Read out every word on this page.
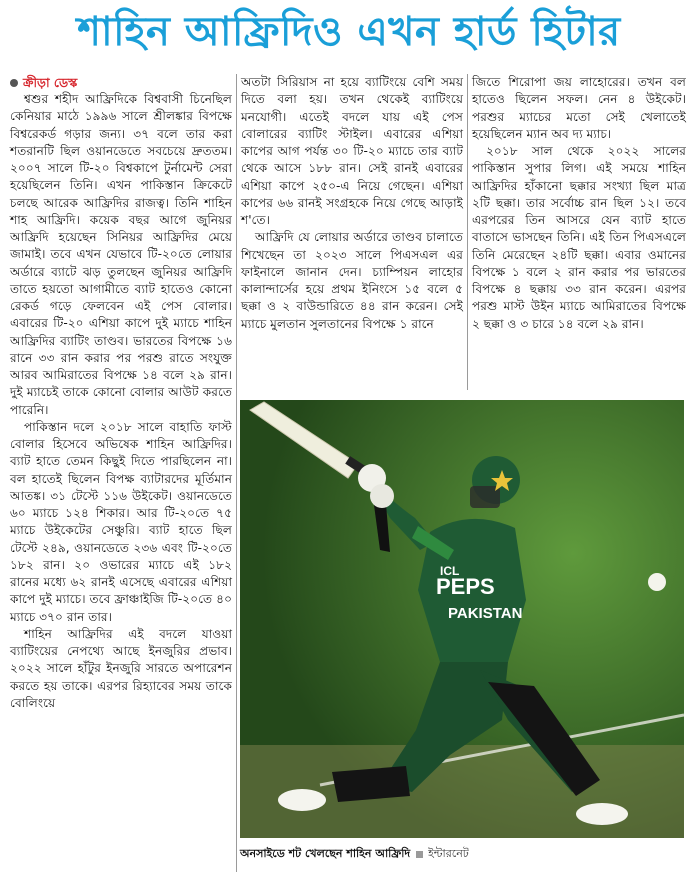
শাহিন আফ্রিদিও এখন হার্ড হিটার
ক্রীড়া ডেস্ক

শ্বশুর শহীদ আফ্রিদিকে বিশ্ববাসী চিনেছিল কেনিয়ার মাঠে ১৯৯৬ সালে শ্রীলঙ্কার বিপক্ষে বিশ্বরেকর্ড গড়ার জন্য। ৩৭ বলে তার করা শতরানটি ছিল ওয়ানডেতে সবচেয়ে দ্রুততম। ২০০৭ সালে টি-২০ বিশ্বকাপে টুর্নামেন্ট সেরা হয়েছিলেন তিনি। এখন পাকিস্তান ক্রিকেটে চলছে আরেক আফ্রিদির রাজত্ব। তিনি শাহিন শাহ আফ্রিদি। কয়েক বছর আগে জুনিয়র আফ্রিদি হয়েছেন সিনিয়র আফ্রিদির মেয়ে জামাই। তবে এখন যেভাবে টি-২০তে লোয়ার অর্ডারে ব্যাটে ঝড় তুলছেন জুনিয়র আফ্রিদি তাতে হয়তো আগামীতে ব্যাট হাতেও কোনো রেকর্ড গড়ে ফেলবেন এই পেস বোলার। এবারের টি-২০ এশিয়া কাপে দুই ম্যাচে শাহিন আফ্রিদির ব্যাটিং তাণ্ডব। ভারতের বিপক্ষে ১৬ রানে ৩৩ রান করার পর পরশু রাতে সংযুক্ত আরব আমিরাতের বিপক্ষে ১৪ বলে ২৯ রান। দুই ম্যাচেই তাকে কোনো বোলার আউট করতে পারেনি।

পাকিস্তান দলে ২০১৮ সালে বাহাতি ফাস্ট বোলার হিসেবে অভিষেক শাহিন আফ্রিদির। ব্যাট হাতে তেমন কিছুই দিতে পারছিলেন না। বল হাতেই ছিলেন বিপক্ষ ব্যাটারদের মূর্তিমান আতঙ্ক। ৩১ টেস্টে ১১৬ উইকেট। ওয়ানডেতে ৬০ ম্যাচে ১২৪ শিকার। আর টি-২০তে ৭৫ ম্যাচে উইকেটের সেঞ্চুরি। ব্যাট হাতে ছিল টেস্টে ২৪৯, ওয়ানডেতে ২৩৬ এবং টি-২০তে ১৮২ রান। ২০ ওভারের ম্যাচে এই ১৮২ রানের মধ্যে ৬২ রানই এসেছে এবারের এশিয়া কাপে দুই ম্যাচে। তবে ফ্রাঞ্চাইজি টি-২০তে ৪০ ম্যাচে ৩৭০ রান তার।

শাহিন আফ্রিদির এই বদলে যাওয়া ব্যাটিংয়ের নেপথ্যে আছে ইনজুরির প্রভাব। ২০২২ সালে হাঁটুর ইনজুরি সারতে অপারেশন করতে হয় তাকে। এরপর রিহ্যাবের সময় তাকে বোলিংয়ে

অতটা সিরিয়াস না হয়ে ব্যাটিংয়ে বেশি সময় দিতে বলা হয়। তখন থেকেই ব্যাটিংয়ে মনযোগী। এতেই বদলে যায় এই পেস বোলারের ব্যাটিং স্টাইল। এবারের এশিয়া কাপের আগ পর্যন্ত ৩০ টি-২০ ম্যাচে তার ব্যাট থেকে আসে ১৮৮ রান। সেই রানই এবারের এশিয়া কাপে ২৫০-এ নিয়ে গেছেন। এশিয়া কাপের ৬৬ রানই সংগ্রহকে নিয়ে গেছে আড়াই শ'তে।

আফ্রিদি যে লোয়ার অর্ডারে তাণ্ডব চালাতে শিখেছেন তা ২০২৩ সালে পিএসএল এর ফাইনালে জানান দেন। চ্যাম্পিয়ন লাহোর কালান্দার্সের হয়ে প্রথম ইনিংসে ১৫ বলে ৫ ছক্কা ও ২ বাউন্ডারিতে ৪৪ রান করেন। সেই ম্যাচে মুলতান সুলতানের বিপক্ষে ১ রানে

জিতে শিরোপা জয় লাহোরের। তখন বল হাতেও ছিলেন সফল। নেন ৪ উইকেট। পরশুর ম্যাচের মতো সেই খেলাতেই হয়েছিলেন ম্যান অব দ্য ম্যাচ।

২০১৮ সাল থেকে ২০২২ সালের পাকিস্তান সুপার লিগ। এই সময়ে শাহিন আফ্রিদির হাঁকানো ছক্কার সংখ্যা ছিল মাত্র ২টি ছক্কা। তার সর্বোচ্চ রান ছিল ১২। তবে এরপরের তিন আসরে যেন ব্যাট হাতে বাতাসে ভাসছেন তিনি। এই তিন পিএসএলে তিনি মেরেছেন ২৪টি ছক্কা। এবার ওমানের বিপক্ষে ১ বলে ২ রান করার পর ভারতের বিপক্ষে ৪ ছক্কায় ৩৩ রান করেন। এরপর পরশু মাস্ট উইন ম্যাচে আমিরাতের বিপক্ষে ২ ছক্কা ও ৩ চারে ১৪ বলে ২৯ রান।

ICL
PEPS
PAKISTAN
অনসাইডে শট খেলছেন শাহিন আফ্রিদি ইন্টারনেট
